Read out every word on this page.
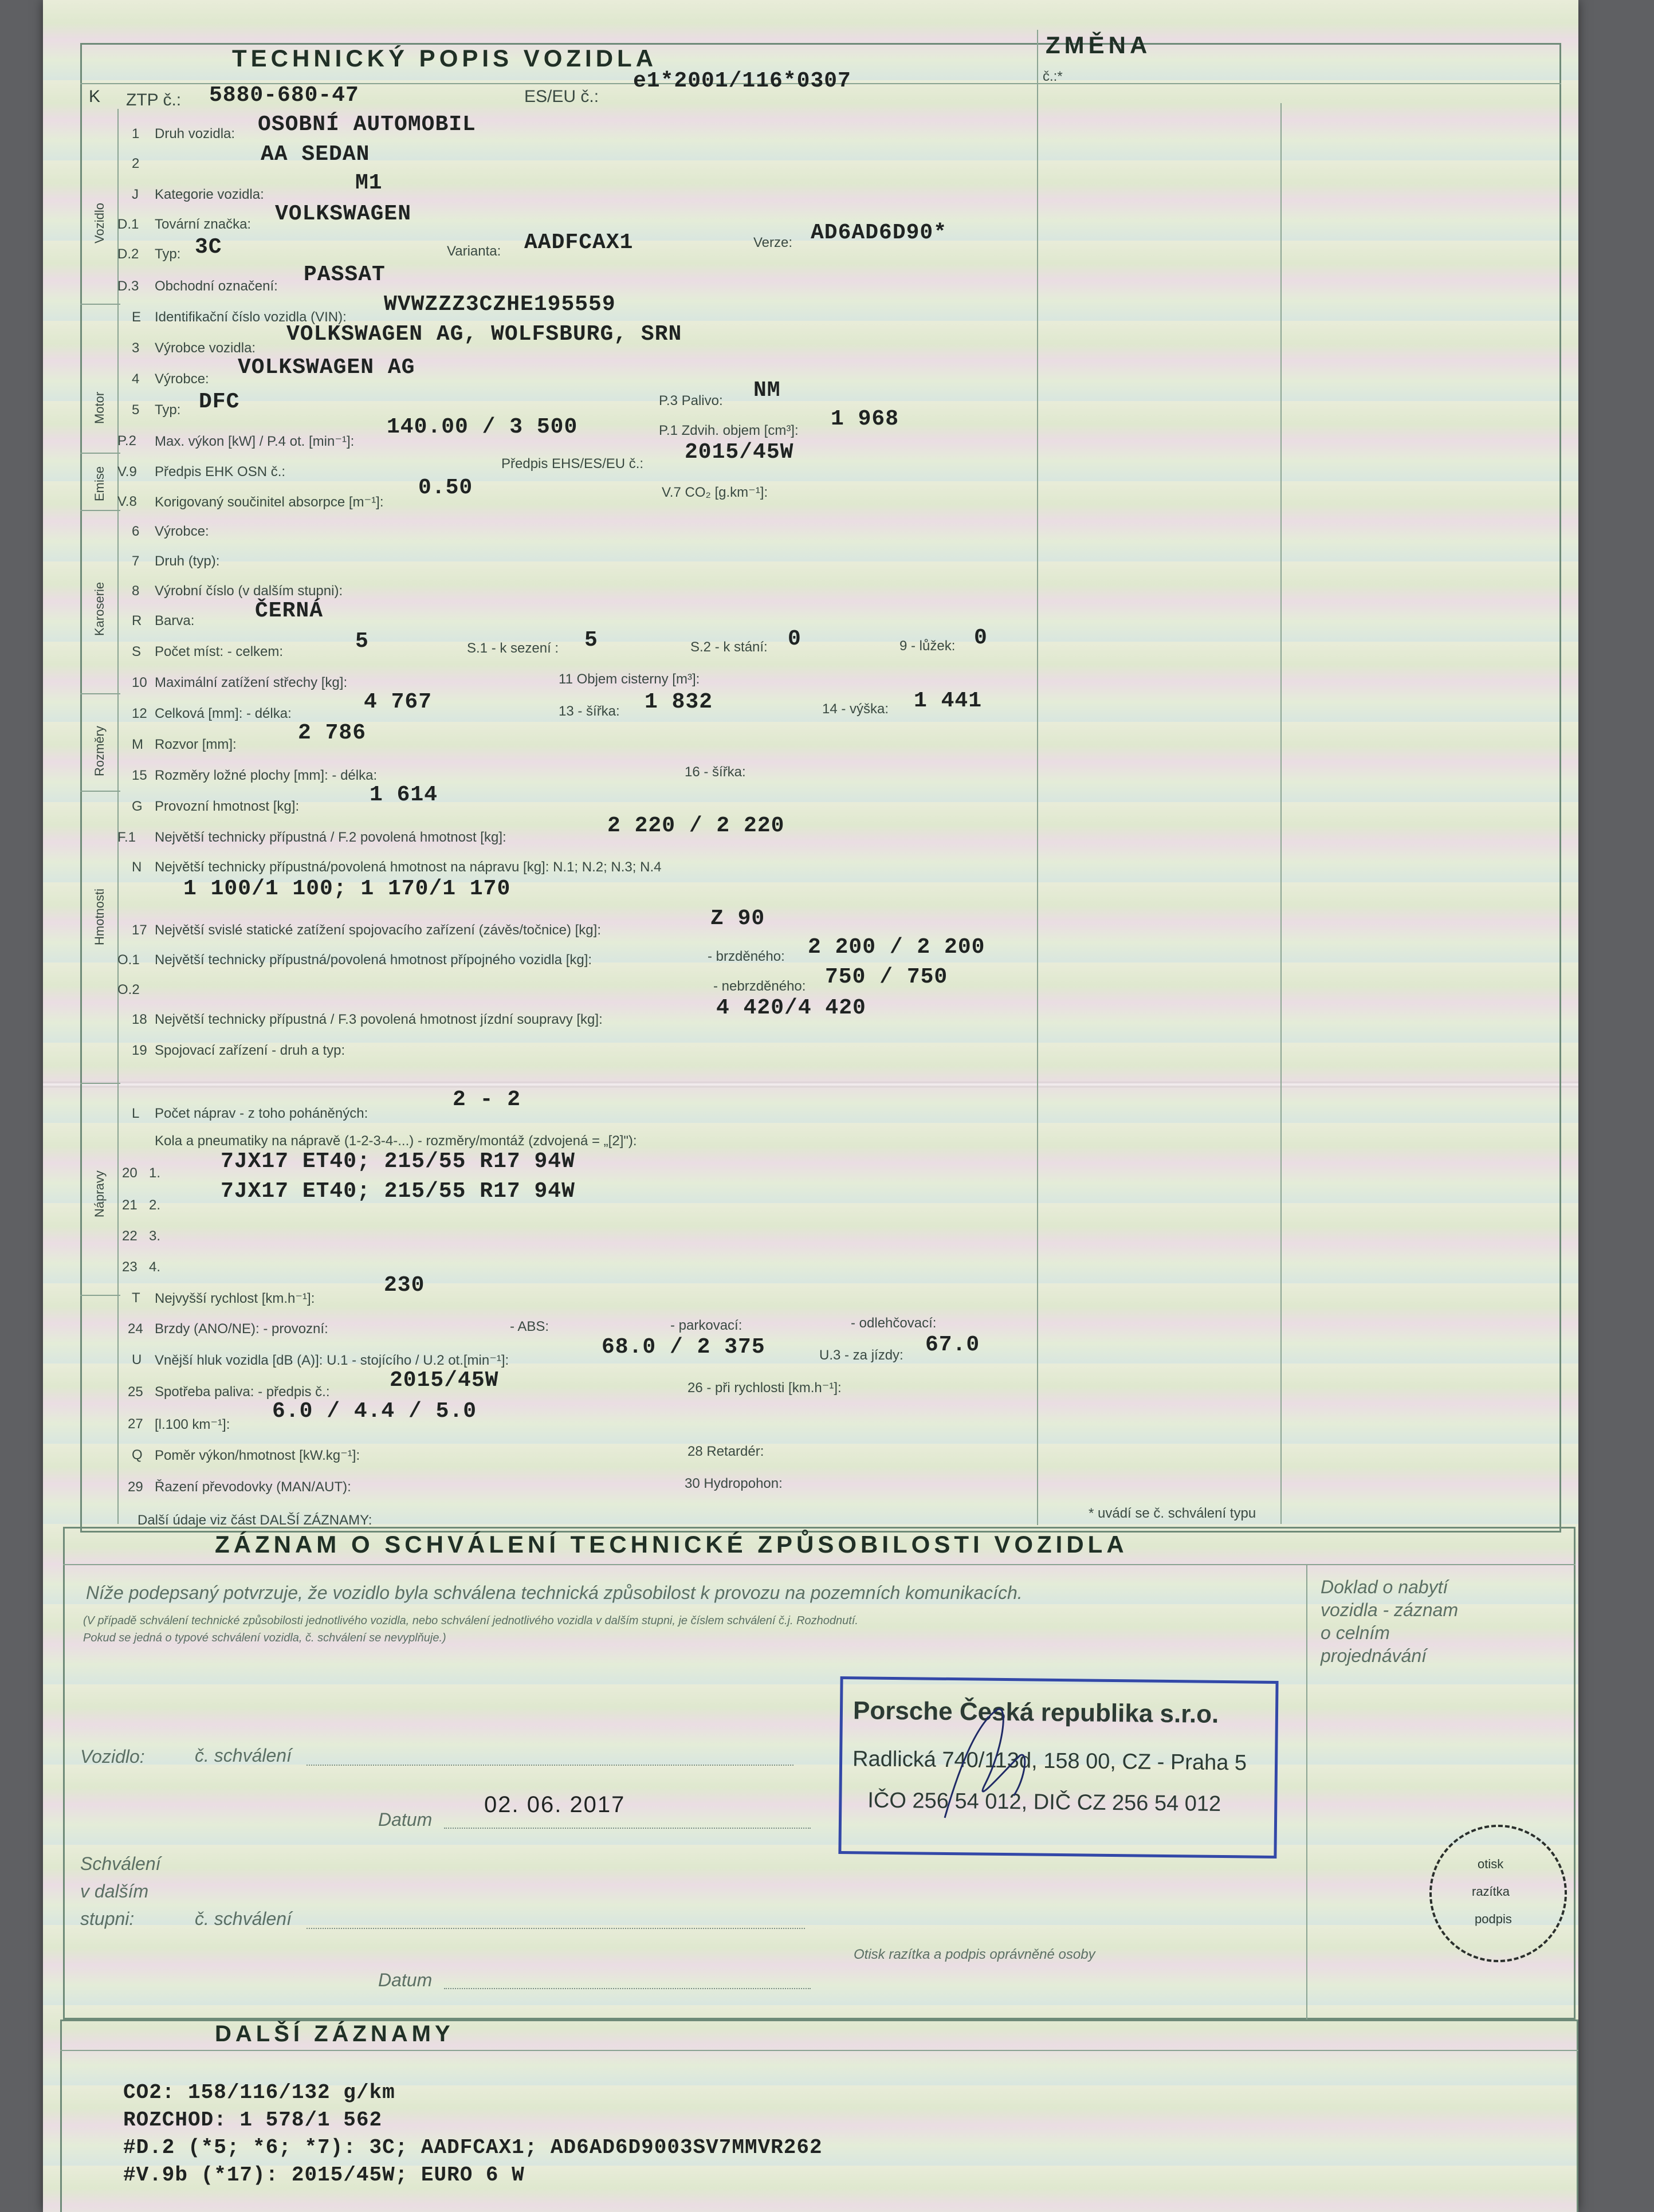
TECHNICKÝ POPIS VOZIDLA	ZMĚNA
č.:*
K ZTP č.: 5880-680-47	ES/EU č.:
e1*2001/116*0307
Vozidlo
Motor
Emise
Karoserie
Rozměry
Hmotnosti
Nápravy
1 Druh vozidla: OSOBNÍ AUTOMOBIL
2	AA SEDAN
J Kategorie vozidla:	M1
D.1 Tovární značka: VOLKSWAGEN
D.2 Typ: 3C	Varianta: AADFCAX1	Verze: AD6AD6D90*
D.3 Obchodní označení: PASSAT
E Identifikační číslo vozidla (VIN):
WVWZZZ3CZHE195559
3 Výrobce vozidla:
VOLKSWAGEN AG, WOLFSBURG, SRN
4 Výrobce: VOLKSWAGEN AG
5 Typ: DFC	P.3 Palivo: NM
P.2 Max. výkon [kW] / P.4 ot. [min⁻¹]:
140.00 / 3 500	P.1 Zdvih. objem [cm³]: 1 968
V.9 Předpis EHK OSN č.:
Předpis EHS/ES/EU č.: 2015/45W
V.8 Korigovaný součinitel absorpce [m⁻¹]:
0.50	V.7 CO₂ [g.km⁻¹]:
6 Výrobce:
7 Druh (typ):
8 Výrobní číslo (v dalším stupni):
R Barva:	ČERNÁ
S Počet míst: - celkem:	5	S.1 - k sezení : 5	S.2 - k stání: 0	9 - lůžek: 0
10 Maximální zatížení střechy [kg]:	11 Objem cisterny [m³]:
12 Celková [mm]: - délka:	4 767	13 - šířka: 1 832	14 - výška: 1 441
M Rozvor [mm]:	2 786
15 Rozměry ložné plochy [mm]: - délka:	16 - šířka:
G Provozní hmotnost [kg]:	1 614
F.1 Největší technicky přípustná / F.2 povolená hmotnost [kg]:	2 220 / 2 220
N Největší technicky přípustná/povolená hmotnost na nápravu [kg]: N.1; N.2; N.3; N.4
1 100/1 100; 1 170/1 170
17 Největší svislé statické zatížení spojovacího zařízení (závěs/točnice) [kg]:	Z 90
O.1 Největší technicky přípustná/povolená hmotnost přípojného vozidla [kg]:	- brzděného: 2 200 / 2 200
O.2	- nebrzděného: 750 / 750
18 Největší technicky přípustná / F.3 povolená hmotnost jízdní soupravy [kg]:	4 420/4 420
19 Spojovací zařízení - druh a typ:
L Počet náprav - z toho poháněných:
2 - 2
Kola a pneumatiky na nápravě (1-2-3-4-...) - rozměry/montáž (zdvojená = „[2]"):
20 1.	7JX17 ET40; 215/55 R17 94W
21 2.
7JX17 ET40; 215/55 R17 94W
22 3.
23 4.
T Nejvyšší rychlost [km.h⁻¹]:
230
24 Brzdy (ANO/NE): - provozní:	- ABS:	- parkovací:	- odlehčovací:
U Vnější hluk vozidla [dB (A)]: U.1 - stojícího / U.2 ot.[min⁻¹]:
68.0 / 2 375	U.3 - za jízdy: 67.0
25 Spotřeba paliva: - předpis č.:	2015/45W	26 - při rychlosti [km.h⁻¹]:
27 [l.100 km⁻¹]:
6.0 / 4.4 / 5.0
Q Poměr výkon/hmotnost [kW.kg⁻¹]:	28 Retardér:
29 Řazení převodovky (MAN/AUT):	30 Hydropohon:
Další údaje viz část DALŠÍ ZÁZNAMY:	* uvádí se č. schválení typu
ZÁZNAM O SCHVÁLENÍ TECHNICKÉ ZPŮSOBILOSTI VOZIDLA
Níže podepsaný potvrzuje, že vozidlo byla schválena technická způsobilost k provozu na pozemních komunikacích.
(V případě schválení technické způsobilosti jednotlivého vozidla, nebo schválení jednotlivého vozidla v dalším stupni, je číslem schválení č.j. Rozhodnutí.
Pokud se jedná o typové schválení vozidla, č. schválení se nevyplňuje.)
Doklad o nabytí
vozidla - záznam
o celním
projednávání
Vozidlo:	č. schválení
Datum
02. 06. 2017
Schválení
v dalším
stupni:	č. schválení
Datum
Otisk razítka a podpis oprávněné osoby
Porsche Česká republika s.r.o.
Radlická 740/113d, 158 00, CZ - Praha 5
IČO 256 54 012, DIČ CZ 256 54 012
otisk
razítka
podpis
DALŠÍ ZÁZNAMY
CO2: 158/116/132 g/km
ROZCHOD: 1 578/1 562
#D.2 (*5; *6; *7): 3C; AADFCAX1; AD6AD6D9003SV7MMVR262
#V.9b (*17): 2015/45W; EURO 6 W
